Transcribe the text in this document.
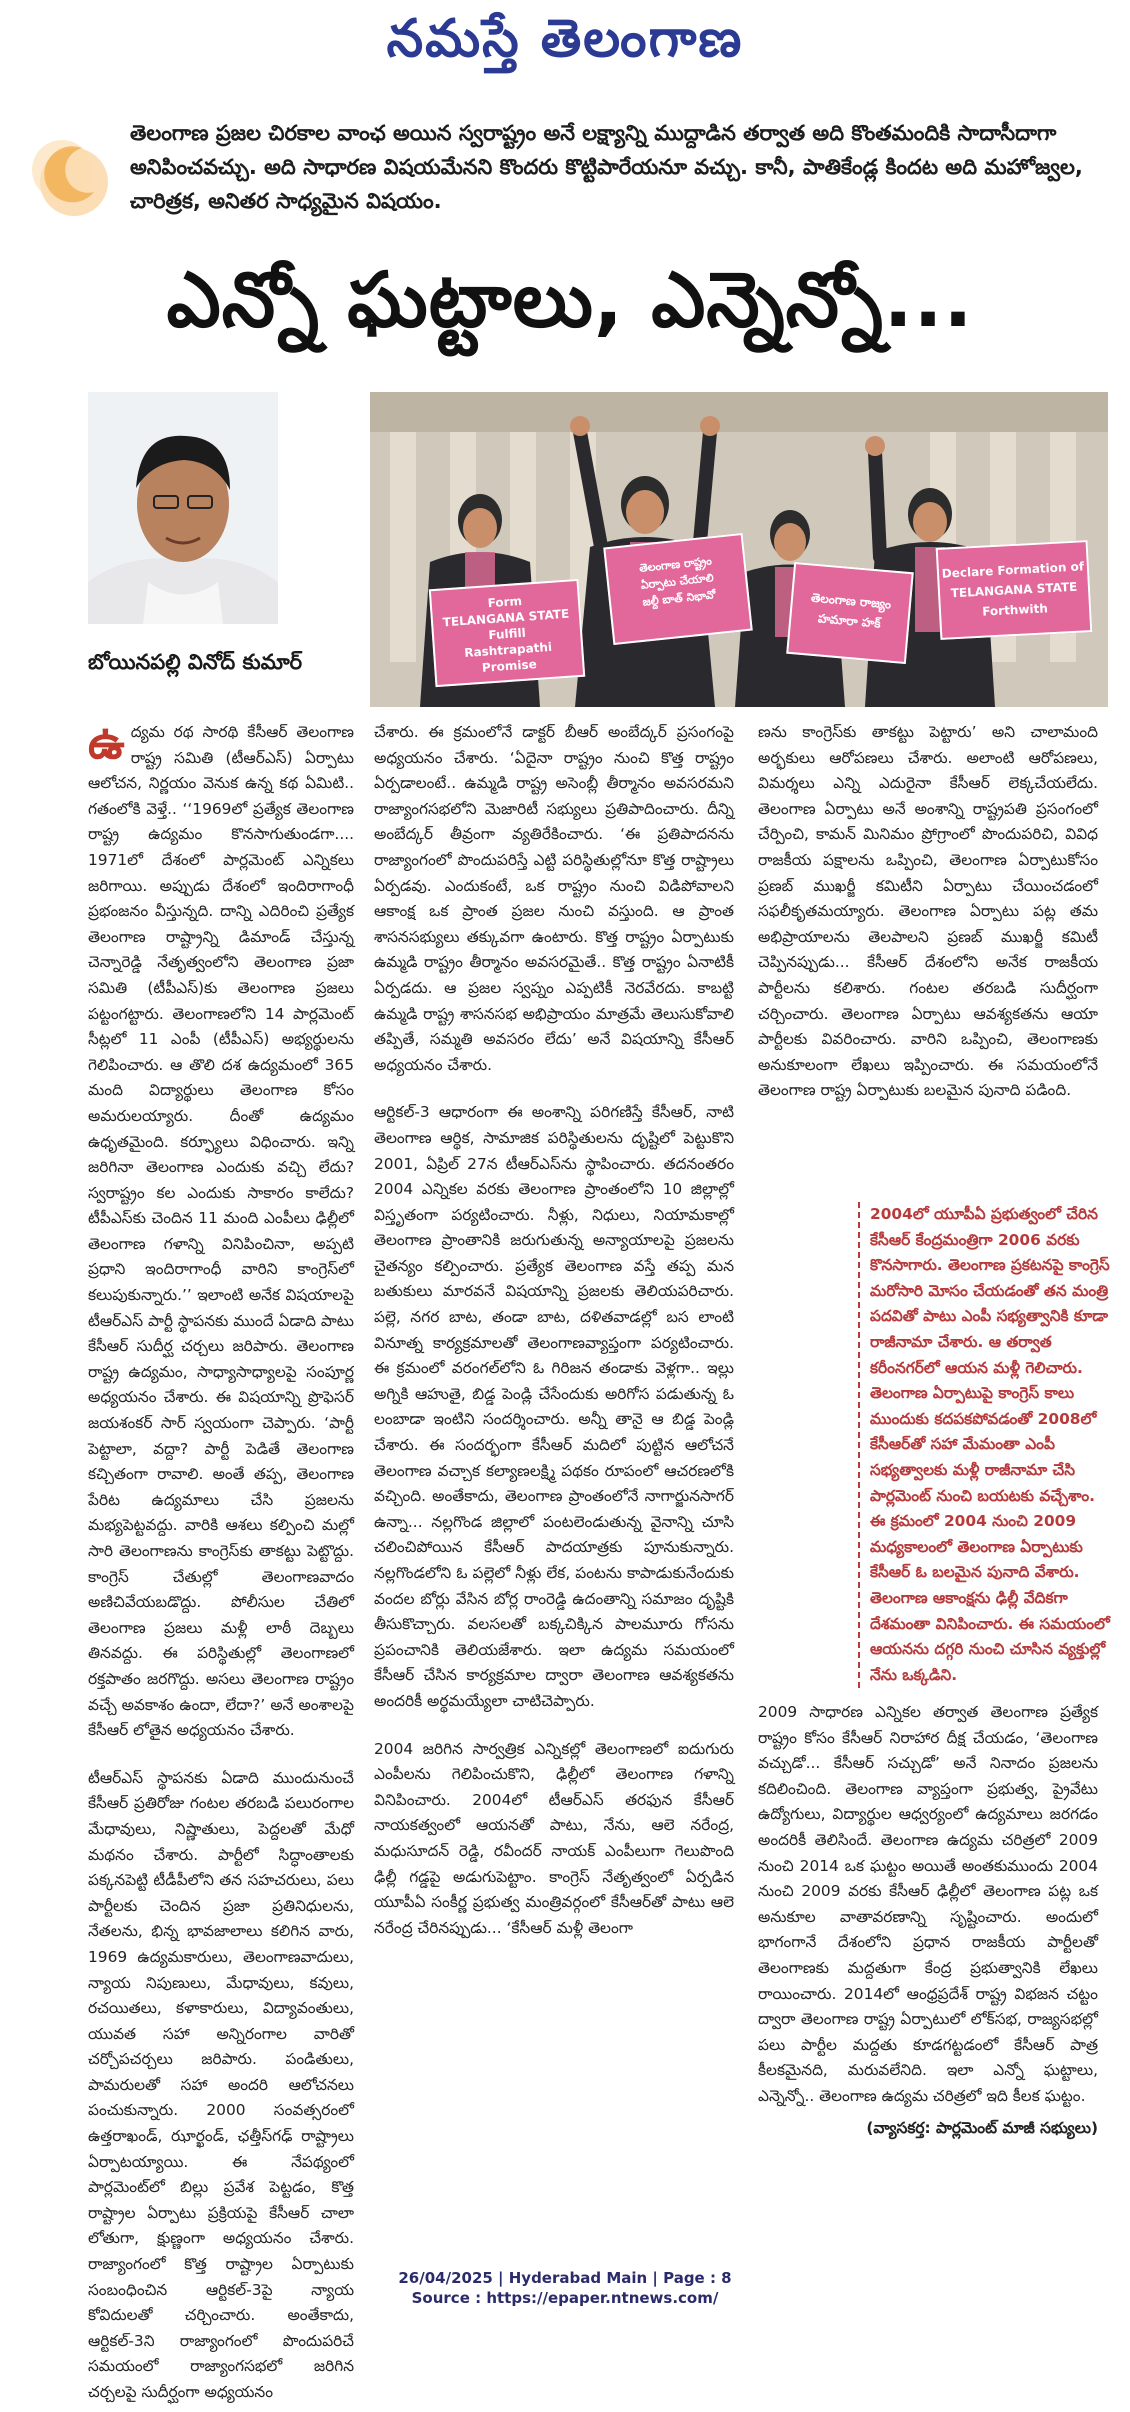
నమస్తే తెలంగాణ
తెలంగాణ ప్రజల చిరకాల వాంఛ అయిన స్వరాష్ట్రం అనే లక్ష్యాన్ని ముద్దాడిన తర్వాత అది కొంతమందికి సాదాసీదాగా అనిపించవచ్చు. అది సాధారణ విషయమేనని కొందరు కొట్టిపారేయనూ వచ్చు. కానీ, పాతికేండ్ల కిందట అది మహోజ్వల, చారిత్రక, అనితర సాధ్యమైన విషయం.
ఎన్నో ఘట్టాలు, ఎన్నెన్నో...
Form
TELANGANA STATE
Fulfill
Rashtrapathi Promise
తెలంగాణ రాష్ట్రం
ఏర్పాటు చేయాలి
జల్దీ బాత్ నిభావో	తెలంగాణ రాజ్యం
హమారా హక్
Declare Formation of
TELANGANA STATE
Forthwith
బోయినపల్లి వినోద్ కుమార్

ఉద్యమ రథ సారథి కేసీఆర్ తెలంగాణ రాష్ట్ర సమితి (టీఆర్ఎస్) ఏర్పాటు ఆలోచన, నిర్ణయం వెనుక ఉన్న కథ ఏమిటి.. గతంలోకి వెళ్తే.. ‘‘1969లో ప్రత్యేక తెలంగాణ రాష్ట్ర ఉద్యమం కొనసాగుతుండగా.... 1971లో దేశంలో పార్లమెంట్ ఎన్నికలు జరిగాయి. అప్పుడు దేశంలో ఇందిరాగాంధీ ప్రభంజనం వీస్తున్నది. దాన్ని ఎదిరించి ప్రత్యేక తెలంగాణ రాష్ట్రాన్ని డిమాండ్ చేస్తున్న చెన్నారెడ్డి నేతృత్వంలోని తెలంగాణ ప్రజా సమితి (టీపీఎస్)కు తెలంగాణ ప్రజలు పట్టంగట్టారు. తెలంగాణలోని 14 పార్లమెంట్ సీట్లలో 11 ఎంపీ (టీపీఎస్) అభ్యర్థులను గెలిపించారు. ఆ తొలి దశ ఉద్యమంలో 365 మంది విద్యార్థులు తెలంగాణ కోసం అమరులయ్యారు. దీంతో ఉద్యమం ఉధృతమైంది. కర్ఫ్యూలు విధించారు. ఇన్ని జరిగినా తెలంగాణ ఎందుకు వచ్చి లేదు? స్వరాష్ట్రం కల ఎందుకు సాకారం కాలేదు? టీపీఎస్‌కు చెందిన 11 మంది ఎంపీలు ఢిల్లీలో తెలంగాణ గళాన్ని వినిపించినా, అప్పటి ప్రధాని ఇందిరాగాంధీ వారిని కాంగ్రెస్‌లో కలుపుకున్నారు.’’ ఇలాంటి అనేక విషయాలపై టీఆర్ఎస్ పార్టీ స్థాపనకు ముందే ఏడాది పాటు కేసీఆర్ సుదీర్ఘ చర్చలు జరిపారు. తెలంగాణ రాష్ట్ర ఉద్యమం, సాధ్యాసాధ్యాలపై సంపూర్ణ అధ్యయనం చేశారు. ఈ విషయాన్ని ప్రొఫెసర్ జయశంకర్ సార్ స్వయంగా చెప్పారు. ‘పార్టీ పెట్టాలా, వద్దా? పార్టీ పెడితే తెలంగాణ కచ్చితంగా రావాలి. అంతే తప్ప, తెలంగాణ పేరిట ఉద్యమాలు చేసి ప్రజలను మభ్యపెట్టవద్దు. వారికి ఆశలు కల్పించి మల్లో సారి తెలంగాణను కాంగ్రెస్‌కు తాకట్టు పెట్టొద్దు. కాంగ్రెస్ చేతుల్లో తెలంగాణవాదం అణిచివేయబడొద్దు. పోలీసుల చేతిలో తెలంగాణ ప్రజలు మళ్లీ లాఠీ దెబ్బలు తినవద్దు. ఈ పరిస్థితుల్లో తెలంగాణలో రక్తపాతం జరగొద్దు. అసలు తెలంగాణ రాష్ట్రం వచ్చే అవకాశం ఉందా, లేదా?’ అనే అంశాలపై కేసీఆర్ లోతైన అధ్యయనం చేశారు.

టీఆర్ఎస్ స్థాపనకు ఏడాది ముందునుంచే కేసీఆర్ ప్రతిరోజు గంటల తరబడి పలురంగాల మేధావులు, నిష్ణాతులు, పెద్దలతో మేధో మథనం చేశారు. పార్టీలో సిద్ధాంతాలకు పక్కనపెట్టి టీడీపీలోని తన సహచరులు, పలు పార్టీలకు చెందిన ప్రజా ప్రతినిధులను, నేతలను, భిన్న భావజాలాలు కలిగిన వారు, 1969 ఉద్యమకారులు, తెలంగాణవాదులు, న్యాయ నిపుణులు, మేధావులు, కవులు, రచయితలు, కళాకారులు, విద్యావంతులు, యువత సహా అన్నిరంగాల వారితో చర్చోపచర్చలు జరిపారు. పండితులు, పామరులతో సహా అందరి ఆలోచనలు పంచుకున్నారు. 2000 సంవత్సరంలో ఉత్తరాఖండ్, ఝార్ఖండ్, ఛత్తీస్‌గఢ్ రాష్ట్రాలు ఏర్పాటయ్యాయి. ఈ నేపథ్యంలో పార్లమెంట్‌లో బిల్లు ప్రవేశ పెట్టడం, కొత్త రాష్ట్రాల ఏర్పాటు ప్రక్రియపై కేసీఆర్ చాలా లోతుగా, క్షుణ్ణంగా అధ్యయనం చేశారు. రాజ్యాంగంలో కొత్త రాష్ట్రాల ఏర్పాటుకు సంబంధించిన ఆర్టికల్-3పై న్యాయ కోవిదులతో చర్చించారు. అంతేకాదు, ఆర్టికల్-3ని రాజ్యాంగంలో పొందుపరిచే సమయంలో రాజ్యాంగసభలో జరిగిన చర్చలపై సుదీర్ఘంగా అధ్యయనం

చేశారు. ఈ క్రమంలోనే డాక్టర్ బీఆర్ అంబేద్కర్ ప్రసంగంపై అధ్యయనం చేశారు. ‘ఏదైనా రాష్ట్రం నుంచి కొత్త రాష్ట్రం ఏర్పడాలంటే.. ఉమ్మడి రాష్ట్ర అసెంబ్లీ తీర్మానం అవసరమని రాజ్యాంగసభలోని మెజారిటీ సభ్యులు ప్రతిపాదించారు. దీన్ని అంబేద్కర్ తీవ్రంగా వ్యతిరేకించారు. ‘ఈ ప్రతిపాదనను రాజ్యాంగంలో పొందుపరిస్తే ఎట్టి పరిస్థితుల్లోనూ కొత్త రాష్ట్రాలు ఏర్పడవు. ఎందుకంటే, ఒక రాష్ట్రం నుంచి విడిపోవాలని ఆకాంక్ష ఒక ప్రాంత ప్రజల నుంచి వస్తుంది. ఆ ప్రాంత శాసనసభ్యులు తక్కువగా ఉంటారు. కొత్త రాష్ట్రం ఏర్పాటుకు ఉమ్మడి రాష్ట్రం తీర్మానం అవసరమైతే.. కొత్త రాష్ట్రం ఏనాటికీ ఏర్పడదు. ఆ ప్రజల స్వప్నం ఎప్పటికీ నెరవేరదు. కాబట్టి ఉమ్మడి రాష్ట్ర శాసనసభ అభిప్రాయం మాత్రమే తెలుసుకోవాలి తప్పితే, సమ్మతి అవసరం లేదు’ అనే విషయాన్ని కేసీఆర్ అధ్యయనం చేశారు.

ఆర్టికల్-3 ఆధారంగా ఈ అంశాన్ని పరిగణిస్తే కేసీఆర్, నాటి తెలంగాణ ఆర్థిక, సామాజిక పరిస్థితులను దృష్టిలో పెట్టుకొని 2001, ఏప్రిల్ 27న టీఆర్ఎస్‌ను స్థాపించారు. తదనంతరం 2004 ఎన్నికల వరకు తెలంగాణ ప్రాంతంలోని 10 జిల్లాల్లో విస్తృతంగా పర్యటించారు. నీళ్లు, నిధులు, నియామకాల్లో తెలంగాణ ప్రాంతానికి జరుగుతున్న అన్యాయాలపై ప్రజలను చైతన్యం కల్పించారు. ప్రత్యేక తెలంగాణ వస్తే తప్ప మన బతుకులు మారవనే విషయాన్ని ప్రజలకు తెలియపరిచారు. పల్లె, నగర బాట, తండా బాట, దళితవాడల్లో బస లాంటి వినూత్న కార్యక్రమాలతో తెలంగాణవ్యాప్తంగా పర్యటించారు. ఈ క్రమంలో వరంగల్‌లోని ఓ గిరిజన తండాకు వెళ్లగా.. ఇల్లు అగ్నికి ఆహుతై, బిడ్డ పెండ్లి చేసేందుకు అరిగోస పడుతున్న ఓ లంబాడా ఇంటిని సందర్శించారు. అన్నీ తానై ఆ బిడ్డ పెండ్లి చేశారు. ఈ సందర్భంగా కేసీఆర్ మదిలో పుట్టిన ఆలోచనే తెలంగాణ వచ్చాక కల్యాణలక్ష్మి పథకం రూపంలో ఆచరణలోకి వచ్చింది. అంతేకాదు, తెలంగాణ ప్రాంతంలోనే నాగార్జునసాగర్ ఉన్నా... నల్లగొండ జిల్లాలో పంటలెండుతున్న వైనాన్ని చూసి చలించిపోయిన కేసీఆర్ పాదయాత్రకు పూనుకున్నారు. నల్లగొండలోని ఓ పల్లెలో నీళ్లు లేక, పంటను కాపాడుకునేందుకు వందల బోర్లు వేసిన బోర్ల రాంరెడ్డి ఉదంతాన్ని సమాజం దృష్టికి తీసుకొచ్చారు. వలసలతో బక్కచిక్కిన పాలమూరు గోసను ప్రపంచానికి తెలియజేశారు. ఇలా ఉద్యమ సమయంలో కేసీఆర్ చేసిన కార్యక్రమాల ద్వారా తెలంగాణ ఆవశ్యకతను అందరికీ అర్థమయ్యేలా చాటిచెప్పారు.

2004 జరిగిన సార్వత్రిక ఎన్నికల్లో తెలంగాణలో ఐదుగురు ఎంపీలను గెలిపించుకొని, ఢిల్లీలో తెలంగాణ గళాన్ని వినిపించారు. 2004లో టీఆర్ఎస్ తరఫున కేసీఆర్ నాయకత్వంలో ఆయనతో పాటు, నేను, ఆలె నరేంద్ర, మధుసూదన్ రెడ్డి, రవీందర్ నాయక్ ఎంపీలుగా గెలుపొంది ఢిల్లీ గడ్డపై అడుగుపెట్టాం. కాంగ్రెస్ నేతృత్వంలో ఏర్పడిన యూపీఏ సంకీర్ణ ప్రభుత్వ మంత్రివర్గంలో కేసీఆర్‌తో పాటు ఆలె నరేంద్ర చేరినప్పుడు... ‘కేసీఆర్ మళ్లీ తెలంగా

ణను కాంగ్రెస్‌కు తాకట్టు పెట్టారు’ అని చాలామంది అర్భకులు ఆరోపణలు చేశారు. అలాంటి ఆరోపణలు, విమర్శలు ఎన్ని ఎదురైనా కేసీఆర్ లెక్కచేయలేదు. తెలంగాణ ఏర్పాటు అనే అంశాన్ని రాష్ట్రపతి ప్రసంగంలో చేర్పించి, కామన్ మినిమం ప్రోగ్రాంలో పొందుపరిచి, వివిధ రాజకీయ పక్షాలను ఒప్పించి, తెలంగాణ ఏర్పాటుకోసం ప్రణబ్ ముఖర్జీ కమిటీని ఏర్పాటు చేయించడంలో సఫలీకృతమయ్యారు. తెలంగాణ ఏర్పాటు పట్ల తమ అభిప్రాయాలను తెలపాలని ప్రణబ్ ముఖర్జీ కమిటీ చెప్పినప్పుడు... కేసీఆర్ దేశంలోని అనేక రాజకీయ పార్టీలను కలిశారు. గంటల తరబడి సుదీర్ఘంగా చర్చించారు. తెలంగాణ ఏర్పాటు ఆవశ్యకతను ఆయా పార్టీలకు వివరించారు. వారిని ఒప్పించి, తెలంగాణకు అనుకూలంగా లేఖలు ఇప్పించారు. ఈ సమయంలోనే తెలంగాణ రాష్ట్ర ఏర్పాటుకు బలమైన పునాది పడింది.

2004లో యూపీఏ ప్రభుత్వంలో చేరిన కేసీఆర్ కేంద్రమంత్రిగా 2006 వరకు కొనసాగారు. తెలంగాణ ప్రకటనపై కాంగ్రెస్ మరోసారి మోసం చేయడంతో తన మంత్రి పదవితో పాటు ఎంపీ సభ్యత్వానికి కూడా రాజీనామా చేశారు. ఆ తర్వాత కరీంనగర్‌లో ఆయన మళ్లీ గెలిచారు. తెలంగాణ ఏర్పాటుపై కాంగ్రెస్ కాలు ముందుకు కదపకపోవడంతో 2008లో కేసీఆర్‌తో సహా మేమంతా ఎంపీ సభ్యత్వాలకు మళ్లీ రాజీనామా చేసి పార్లమెంట్ నుంచి బయటకు వచ్చేశాం. ఈ క్రమంలో 2004 నుంచి 2009 మధ్యకాలంలో తెలంగాణ ఏర్పాటుకు కేసీఆర్ ఓ బలమైన పునాది వేశారు. తెలంగాణ ఆకాంక్షను ఢిల్లీ వేదికగా దేశమంతా వినిపించారు. ఈ సమయంలో ఆయనను దగ్గరి నుంచి చూసిన వ్యక్తుల్లో నేను ఒక్కడిని.

2009 సాధారణ ఎన్నికల తర్వాత తెలంగాణ ప్రత్యేక రాష్ట్రం కోసం కేసీఆర్ నిరాహార దీక్ష చేయడం, ‘తెలంగాణ వచ్చుడో... కేసీఆర్ సచ్చుడో’ అనే నినాదం ప్రజలను కదిలించింది. తెలంగాణ వ్యాప్తంగా ప్రభుత్వ, ప్రైవేటు ఉద్యోగులు, విద్యార్థుల ఆధ్వర్యంలో ఉద్యమాలు జరగడం అందరికీ తెలిసిందే. తెలంగాణ ఉద్యమ చరిత్రలో 2009 నుంచి 2014 ఒక ఘట్టం అయితే అంతకుముందు 2004 నుంచి 2009 వరకు కేసీఆర్ ఢిల్లీలో తెలంగాణ పట్ల ఒక అనుకూల వాతావరణాన్ని సృష్టించారు. అందులో భాగంగానే దేశంలోని ప్రధాన రాజకీయ పార్టీలతో తెలంగాణకు మద్దతుగా కేంద్ర ప్రభుత్వానికి లేఖలు రాయించారు. 2014లో ఆంధ్రప్రదేశ్ రాష్ట్ర విభజన చట్టం ద్వారా తెలంగాణ రాష్ట్ర ఏర్పాటులో లోక్‌సభ, రాజ్యసభల్లో పలు పార్టీల మద్దతు కూడగట్టడంలో కేసీఆర్ పాత్ర కీలకమైనది, మరువలేనిది. ఇలా ఎన్నో ఘట్టాలు, ఎన్నెన్నో.. తెలంగాణ ఉద్యమ చరిత్రలో ఇది కీలక ఘట్టం.

(వ్యాసకర్త: పార్లమెంట్ మాజీ సభ్యులు)

26/04/2025 | Hyderabad Main | Page : 8
Source : https://epaper.ntnews.com/
